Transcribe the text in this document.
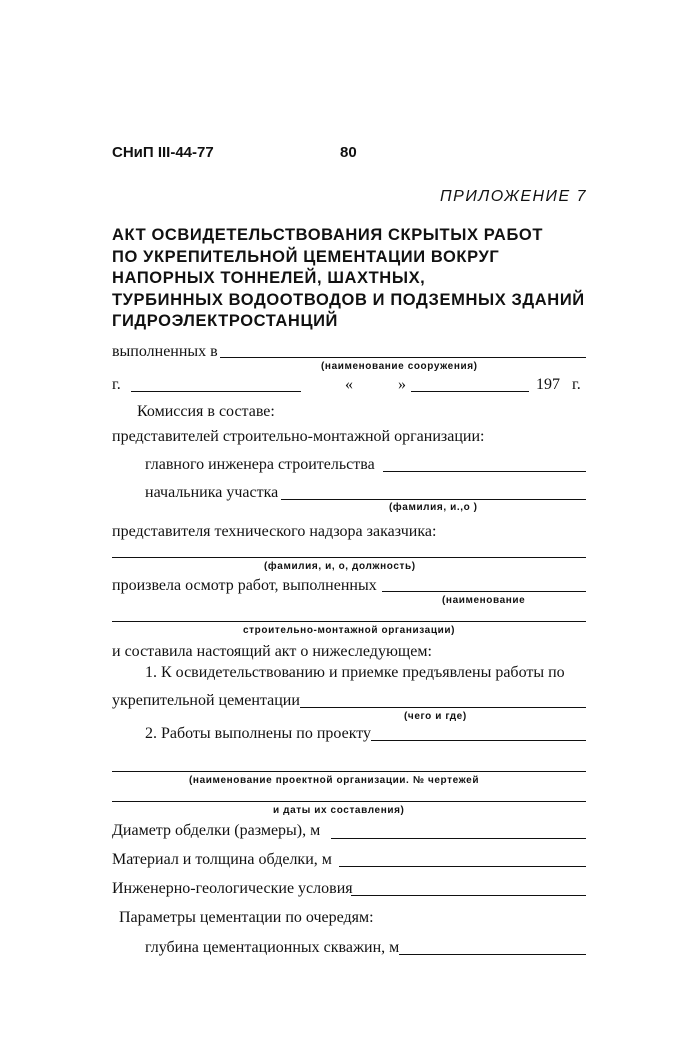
СНиП III-44-77	80
ПРИЛОЖЕНИЕ 7
АКТ ОСВИДЕТЕЛЬСТВОВАНИЯ СКРЫТЫХ РАБОТ
ПО УКРЕПИТЕЛЬНОЙ ЦЕМЕНТАЦИИ ВОКРУГ
НАПОРНЫХ ТОННЕЛЕЙ, ШАХТНЫХ,
ТУРБИННЫХ ВОДООТВОДОВ И ПОДЗЕМНЫХ ЗДАНИЙ
ГИДРОЭЛЕКТРОСТАНЦИЙ
выполненных в
(наименование сооружения)
г.	«	»	197 г.
Комиссия в составе:
представителей строительно-монтажной организации:
главного инженера строительства
начальника участка
(фамилия, и.,о )
представителя технического надзора заказчика:
(фамилия, и, о, должность)
произвела осмотр работ, выполненных
(наименование
строительно-монтажной организации)
и составила настоящий акт о нижеследующем:
1. К освидетельствованию и приемке предъявлены работы по
укрепительной цементации
(чего и где)
2. Работы выполнены по проекту
(наименование проектной организации. № чертежей
и даты их составления)
Диаметр обделки (размеры), м
Материал и толщина обделки, м
Инженерно-геологические условия
Параметры цементации по очередям:
глубина цементационных скважин, м
